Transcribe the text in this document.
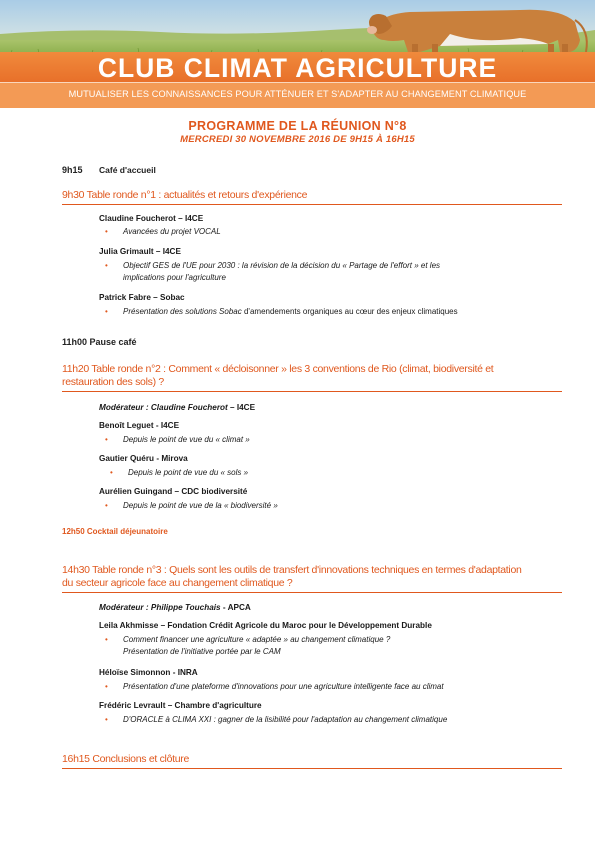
CLUB CLIMAT AGRICULTURE
MUTUALISER LES CONNAISSANCES POUR ATTÉNUER ET S'ADAPTER AU CHANGEMENT CLIMATIQUE
PROGRAMME DE LA RÉUNION N°8
MERCREDI 30 NOVEMBRE 2016 DE 9H15 À 16H15
9h15 Café d'accueil
9h30 Table ronde n°1 : actualités et retours d'expérience
Claudine Foucherot – I4CE
• Avancées du projet VOCAL
Julia Grimault – I4CE
• Objectif GES de l'UE pour 2030 : la révision de la décision du « Partage de l'effort » et les
implications pour l'agriculture
Patrick Fabre – Sobac
• Présentation des solutions Sobac d'amendements organiques au cœur des enjeux climatiques
11h00 Pause café
11h20 Table ronde n°2 : Comment « décloisonner » les 3 conventions de Rio (climat, biodiversité et
restauration des sols) ?
Modérateur : Claudine Foucherot – I4CE
Benoît Leguet - I4CE
• Depuis le point de vue du « climat »
Gautier Quéru - Mirova
• Depuis le point de vue du « sols »
Aurélien Guingand – CDC biodiversité
• Depuis le point de vue de la « biodiversité »
12h50 Cocktail déjeunatoire
14h30 Table ronde n°3 : Quels sont les outils de transfert d'innovations techniques en termes d'adaptation
du secteur agricole face au changement climatique ?
Modérateur : Philippe Touchais - APCA
Leila Akhmisse – Fondation Crédit Agricole du Maroc pour le Développement Durable
• Comment financer une agriculture « adaptée » au changement climatique ?
Présentation de l'initiative portée par le CAM
Héloïse Simonnon - INRA
• Présentation d'une plateforme d'innovations pour une agriculture intelligente face au climat
Frédéric Levrault – Chambre d'agriculture
• D'ORACLE à CLIMA XXI : gagner de la lisibilité pour l'adaptation au changement climatique
16h15 Conclusions et clôture
